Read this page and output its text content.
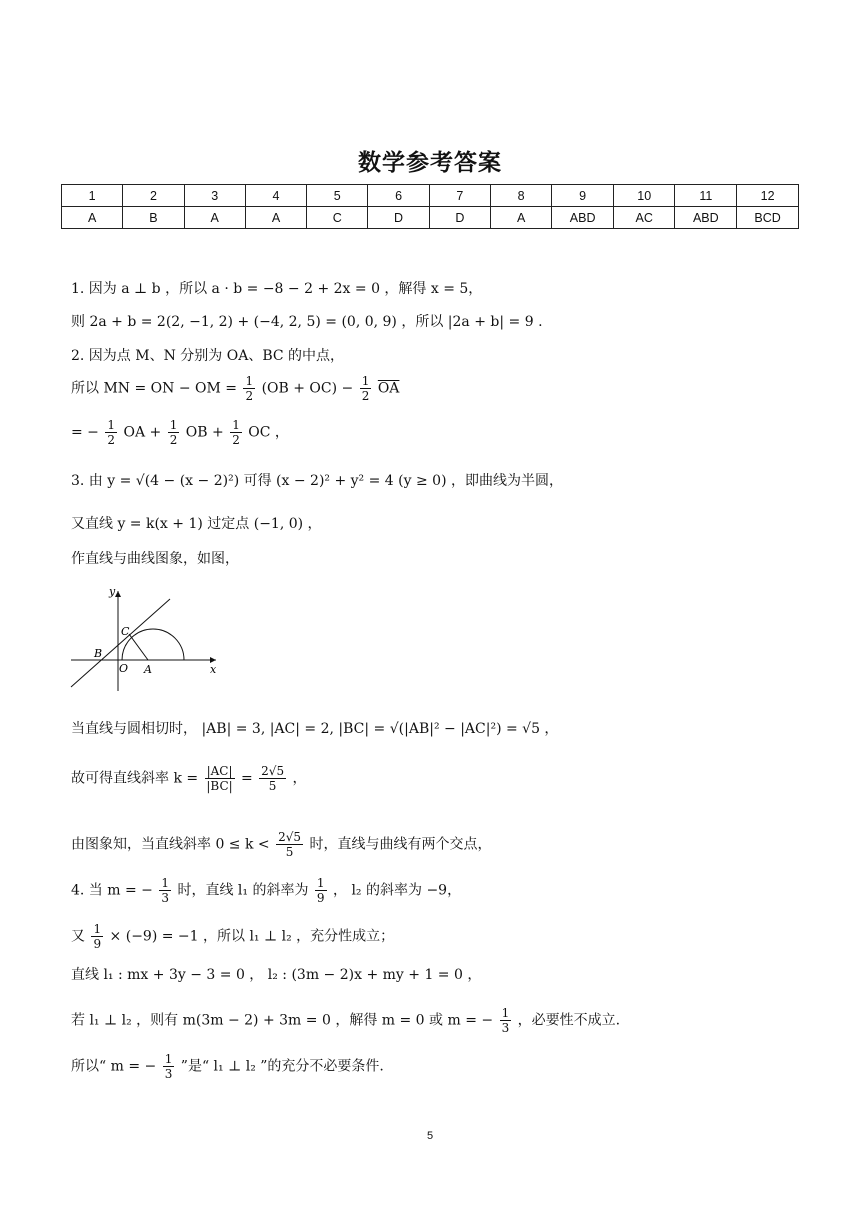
数学参考答案
1	2	3	4	5	6	7	8	9	10	11	12
A	B	A	A	C	D	D	A	ABD	AC	ABD	BCD
1. 因为 a ⊥ b ，所以 a · b = −8 − 2 + 2x = 0 ，解得 x = 5，
则 2a + b = 2(2, −1, 2) + (−4, 2, 5) = (0, 0, 9) ，所以 |2a + b| = 9 .
2. 因为点 M、N 分别为 OA、BC 的中点，
所以 MN = ON − OM = $\frac{1}{2} (OB + OC) - \frac{1}{2} \overline{OA}$
= − $\frac{1}{2}$ OA + $\frac{1}{2}$ OB + $\frac{1}{2}$ OC ，
3. 由 y = √(4 − (x − 2)²) 可得 (x − 2)² + y² = 4 (y ≥ 0) ，即曲线为半圆，
又直线 y = k(x + 1) 过定点 (−1, 0) ，
作直线与曲线图象，如图，
y
x
C
B
O A
当直线与圆相切时， |AB| = 3, |AC| = 2, |BC| = √(|AB|² − |AC|²) = √5 ，
故可得直线斜率 $k = \frac{|AC|}{|BC|} = \frac{2√5}{5}$ ，
由图象知，当直线斜率 $0 \le k < \frac{2√5}{5}$ 时，直线与曲线有两个交点，
4. 当 m = − $\frac{1}{3}$ 时，直线 l₁ 的斜率为 $\frac{1}{9}$ ， l₂ 的斜率为 −9，
又 $\frac{1}{9} \times (-9) = -1$ ，所以 l₁ ⊥ l₂ ，充分性成立；
直线 l₁ : mx + 3y − 3 = 0 ， l₂ : (3m − 2)x + my + 1 = 0 ，
若 l₁ ⊥ l₂ ，则有 m(3m − 2) + 3m = 0 ，解得 m = 0 或 m = − $\frac{1}{3}$ ，必要性不成立.
所以“ m = − $\frac{1}{3}$ ”是“ l₁ ⊥ l₂ ”的充分不必要条件.
5
